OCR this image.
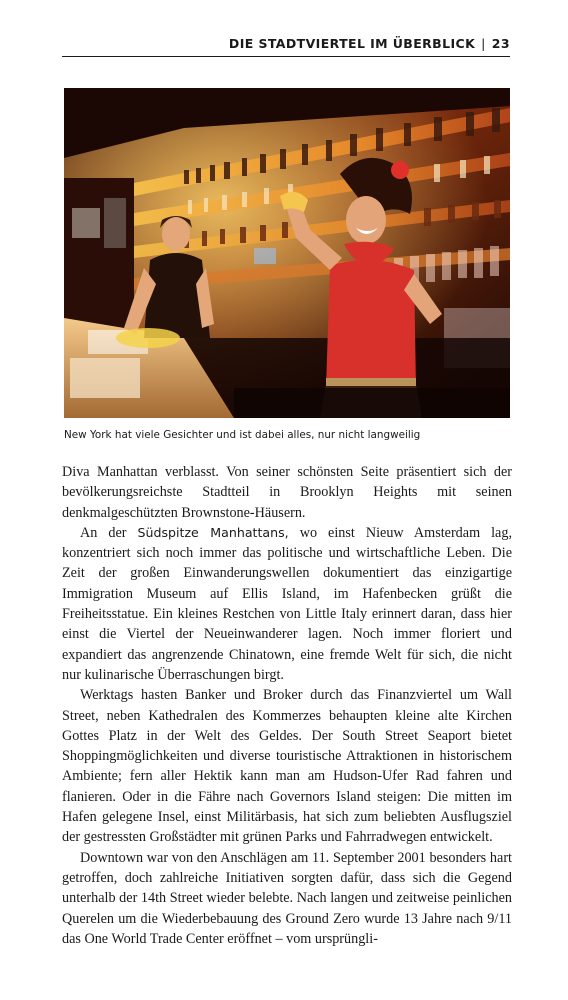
DIE STADTVIERTEL IM ÜBERBLICK | 23
New York hat viele Gesichter und ist dabei alles, nur nicht langweilig

Diva Manhattan verblasst. Von seiner schönsten Seite präsentiert sich der bevölkerungsreichste Stadtteil in Brooklyn Heights mit seinen denkmalgeschützten Brownstone-Häusern.

An der Südspitze Manhattans, wo einst Nieuw Amsterdam lag, konzentriert sich noch immer das politische und wirtschaftliche Leben. Die Zeit der großen Einwanderungswellen dokumentiert das einzigartige Immigration Museum auf Ellis Island, im Hafenbecken grüßt die Freiheitsstatue. Ein kleines Restchen von Little Italy erinnert daran, dass hier einst die Viertel der Neueinwanderer lagen. Noch immer floriert und expandiert das angrenzende Chinatown, eine fremde Welt für sich, die nicht nur kulinarische Überraschungen birgt.

Werktags hasten Banker und Broker durch das Finanzviertel um Wall Street, neben Kathedralen des Kommerzes behaupten kleine alte Kirchen Gottes Platz in der Welt des Geldes. Der South Street Seaport bietet Shoppingmöglichkeiten und diverse touristische Attraktionen in historischem Ambiente; fern aller Hektik kann man am Hudson-Ufer Rad fahren und flanieren. Oder in die Fähre nach Governors Island steigen: Die mitten im Hafen gelegene Insel, einst Militärbasis, hat sich zum beliebten Ausflugsziel der gestressten Großstädter mit grünen Parks und Fahrradwegen entwickelt.

Downtown war von den Anschlägen am 11. September 2001 besonders hart getroffen, doch zahlreiche Initiativen sorgten dafür, dass sich die Gegend unterhalb der 14th Street wieder belebte. Nach langen und zeitweise peinlichen Querelen um die Wiederbebauung des Ground Zero wurde 13 Jahre nach 9/11 das One World Trade Center eröffnet – vom ursprüngli-
